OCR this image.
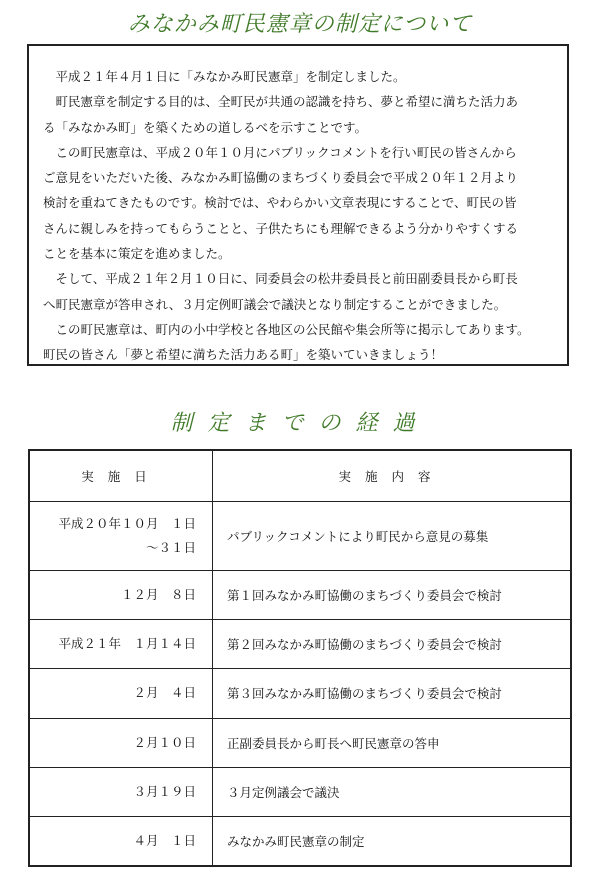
みなかみ町民憲章の制定について

平成２１年４月１日に「みなかみ町民憲章」を制定しました。

町民憲章を制定する目的は、全町民が共通の認識を持ち、夢と希望に満ちた活力あ
る「みなかみ町」を築くための道しるべを示すことです。

この町民憲章は、平成２０年１０月にパブリックコメントを行い町民の皆さんから
ご意見をいただいた後、みなかみ町協働のまちづくり委員会で平成２０年１２月より
検討を重ねてきたものです。検討では、やわらかい文章表現にすることで、町民の皆
さんに親しみを持ってもらうことと、子供たちにも理解できるよう分かりやすくする
ことを基本に策定を進めました。

そして、平成２１年２月１０日に、同委員会の松井委員長と前田副委員長から町長
へ町民憲章が答申され、３月定例町議会で議決となり制定することができました。

この町民憲章は、町内の小中学校と各地区の公民館や集会所等に掲示してあります。
町民の皆さん「夢と希望に満ちた活力ある町」を築いていきましょう！

制定までの経過
実施日	実施内容
平成２０年１０月　１日
～３１日	パブリックコメントにより町民から意見の募集
１２月　８日	第１回みなかみ町協働のまちづくり委員会で検討
平成２１年　１月１４日	第２回みなかみ町協働のまちづくり委員会で検討
２月　４日	第３回みなかみ町協働のまちづくり委員会で検討
２月１０日	正副委員長から町長へ町民憲章の答申
３月１９日	３月定例議会で議決
４月　１日	みなかみ町民憲章の制定
